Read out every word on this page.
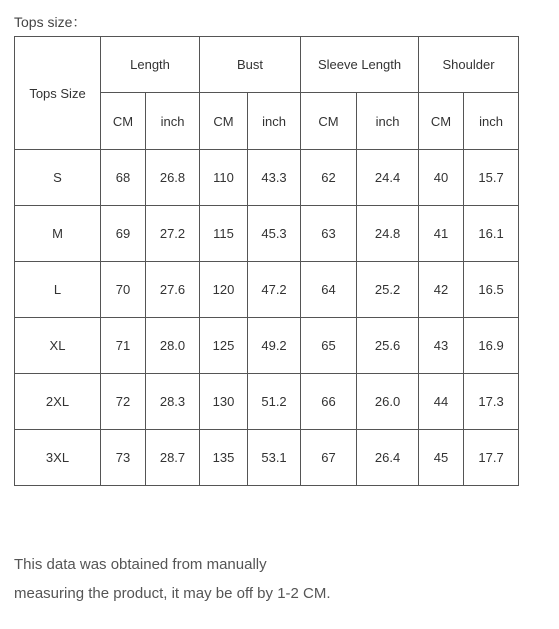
Tops size：
Tops Size	Length		Bust		Sleeve Length		Shoulder	
	CM	inch	CM	inch	CM	inch	CM	inch
S	68	26.8	110	43.3	62	24.4	40	15.7
M	69	27.2	115	45.3	63	24.8	41	16.1
L	70	27.6	120	47.2	64	25.2	42	16.5
XL	71	28.0	125	49.2	65	25.6	43	16.9
2XL	72	28.3	130	51.2	66	26.0	44	17.3
3XL	73	28.7	135	53.1	67	26.4	45	17.7
This data was obtained from manually
measuring the product, it may be off by 1-2 CM.
